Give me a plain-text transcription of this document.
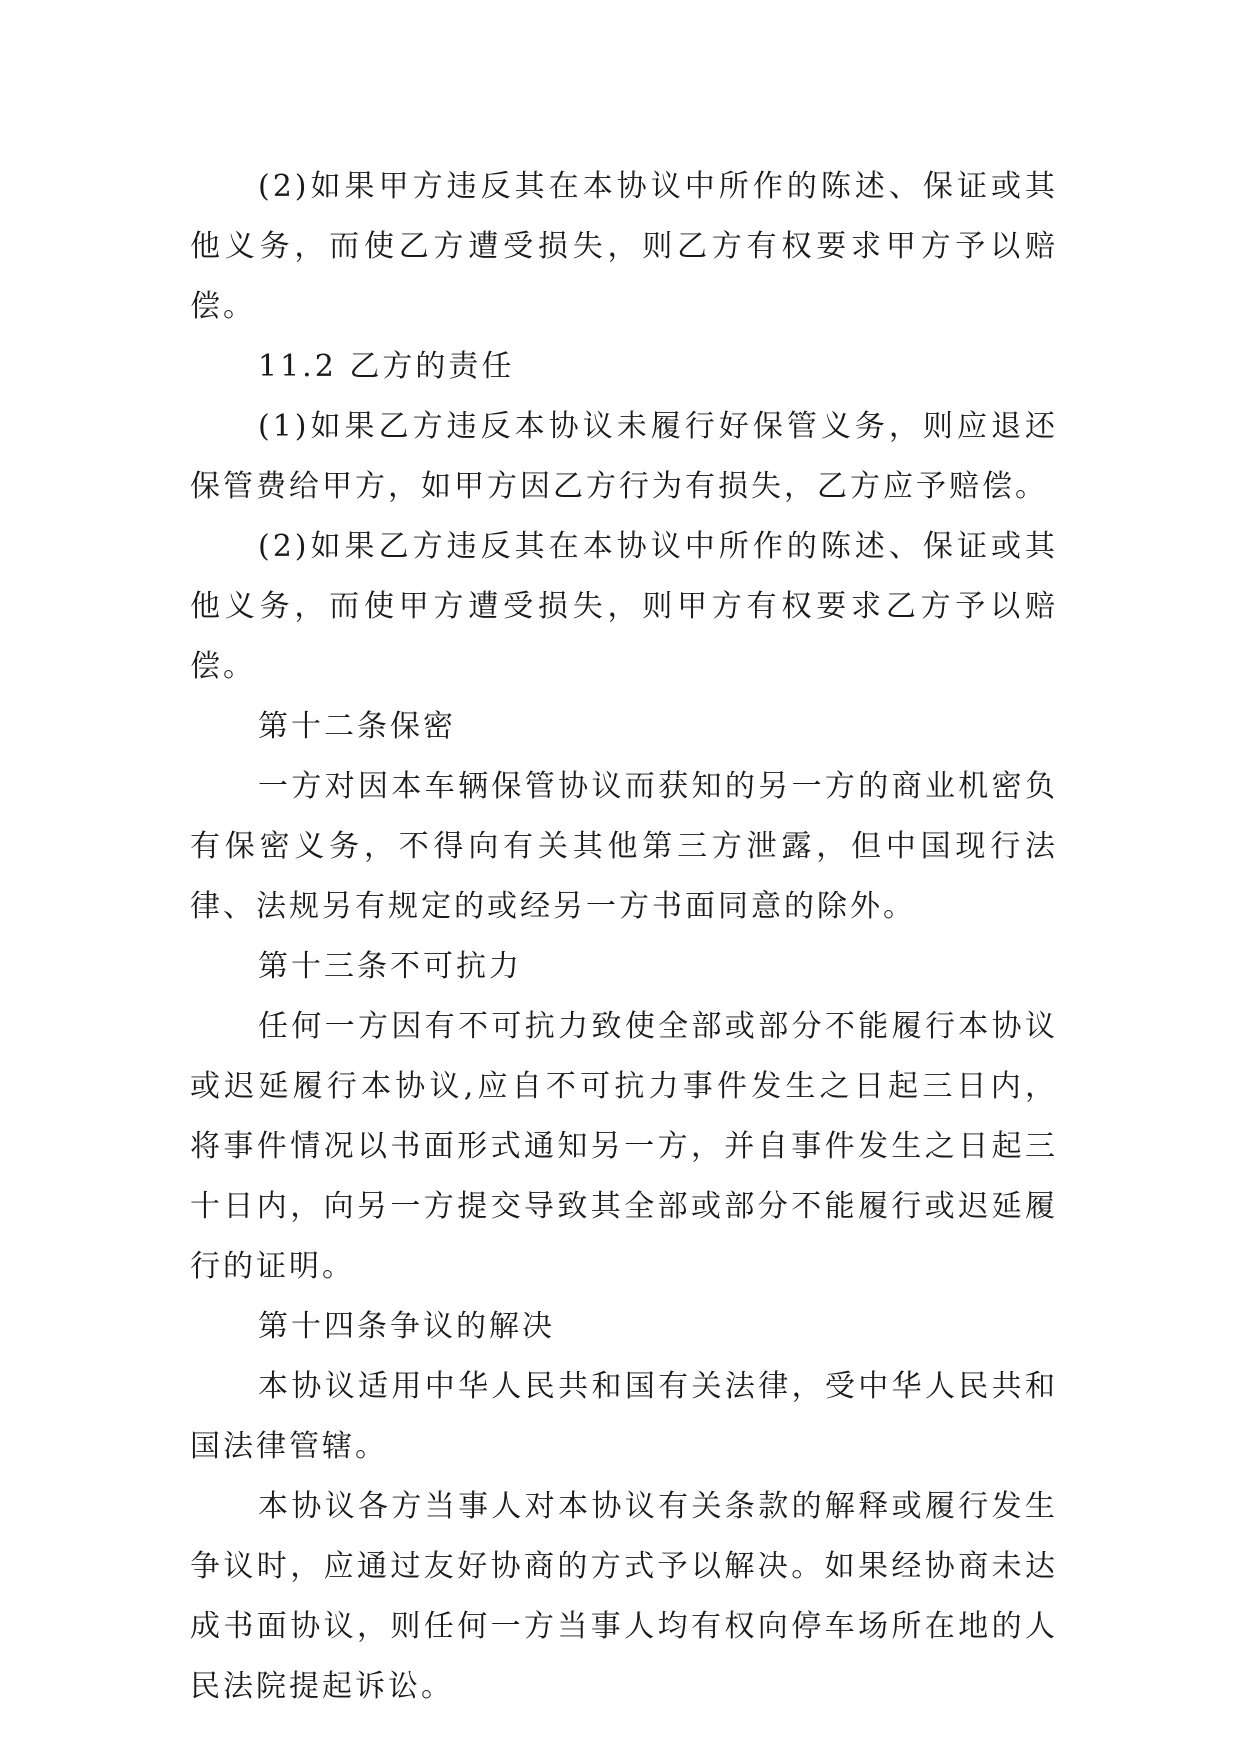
(2)如果甲方违反其在本协议中所作的陈述、保证或其他义务，而使乙方遭受损失，则乙方有权要求甲方予以赔偿。

11.2 乙方的责任

(1)如果乙方违反本协议未履行好保管义务，则应退还保管费给甲方，如甲方因乙方行为有损失，乙方应予赔偿。

(2)如果乙方违反其在本协议中所作的陈述、保证或其他义务，而使甲方遭受损失，则甲方有权要求乙方予以赔偿。

第十二条保密

一方对因本车辆保管协议而获知的另一方的商业机密负有保密义务，不得向有关其他第三方泄露，但中国现行法律、法规另有规定的或经另一方书面同意的除外。

第十三条不可抗力

任何一方因有不可抗力致使全部或部分不能履行本协议或迟延履行本协议,应自不可抗力事件发生之日起三日内，将事件情况以书面形式通知另一方，并自事件发生之日起三十日内，向另一方提交导致其全部或部分不能履行或迟延履行的证明。

第十四条争议的解决

本协议适用中华人民共和国有关法律，受中华人民共和国法律管辖。

本协议各方当事人对本协议有关条款的解释或履行发生争议时，应通过友好协商的方式予以解决。如果经协商未达成书面协议，则任何一方当事人均有权向停车场所在地的人民法院提起诉讼。
